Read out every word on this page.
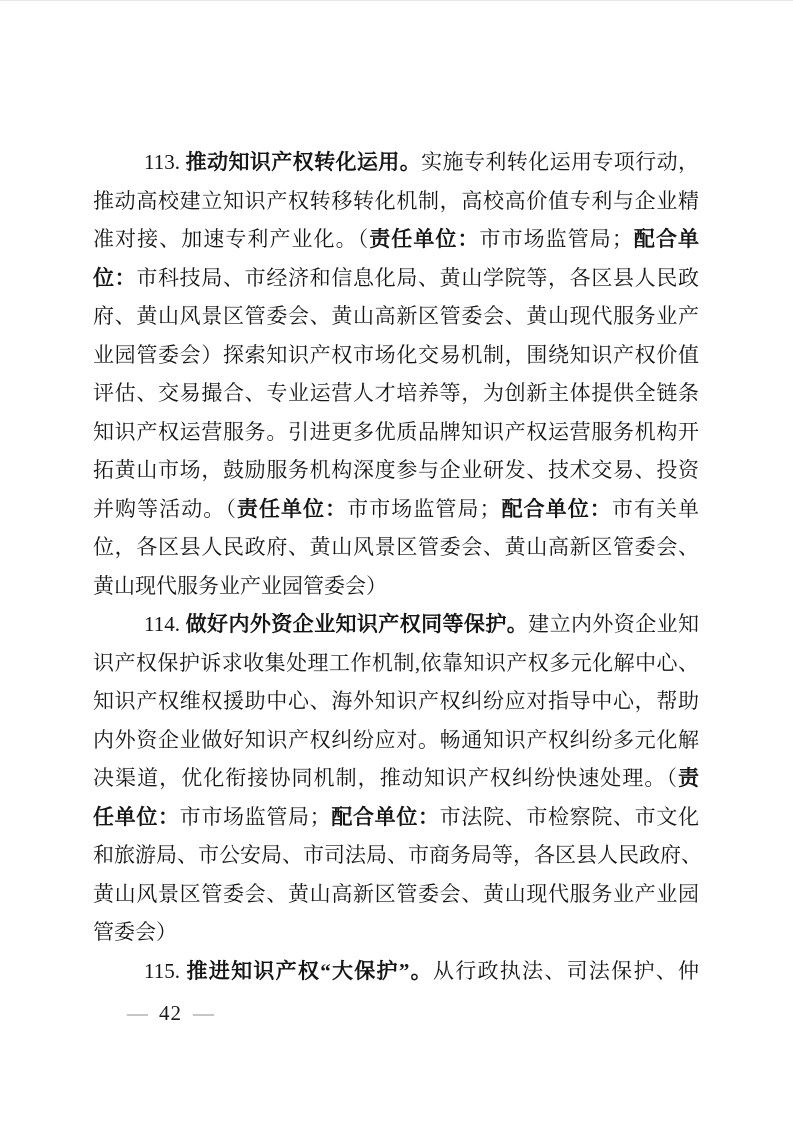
113. 推动知识产权转化运用。实施专利转化运用专项行动，
推动高校建立知识产权转移转化机制，高校高价值专利与企业精
准对接、加速专利产业化。（责任单位：市市场监管局；配合单
位：市科技局、市经济和信息化局、黄山学院等，各区县人民政
府、黄山风景区管委会、黄山高新区管委会、黄山现代服务业产
业园管委会）探索知识产权市场化交易机制，围绕知识产权价值
评估、交易撮合、专业运营人才培养等，为创新主体提供全链条
知识产权运营服务。引进更多优质品牌知识产权运营服务机构开
拓黄山市场，鼓励服务机构深度参与企业研发、技术交易、投资
并购等活动。（责任单位：市市场监管局；配合单位：市有关单
位，各区县人民政府、黄山风景区管委会、黄山高新区管委会、
黄山现代服务业产业园管委会）
114. 做好内外资企业知识产权同等保护。建立内外资企业知
识产权保护诉求收集处理工作机制,依靠知识产权多元化解中心、
知识产权维权援助中心、海外知识产权纠纷应对指导中心，帮助
内外资企业做好知识产权纠纷应对。畅通知识产权纠纷多元化解
决渠道，优化衔接协同机制，推动知识产权纠纷快速处理。（责
任单位：市市场监管局；配合单位：市法院、市检察院、市文化
和旅游局、市公安局、市司法局、市商务局等，各区县人民政府、
黄山风景区管委会、黄山高新区管委会、黄山现代服务业产业园
管委会）
115. 推进知识产权“大保护”。从行政执法、司法保护、仲
— 42 —
